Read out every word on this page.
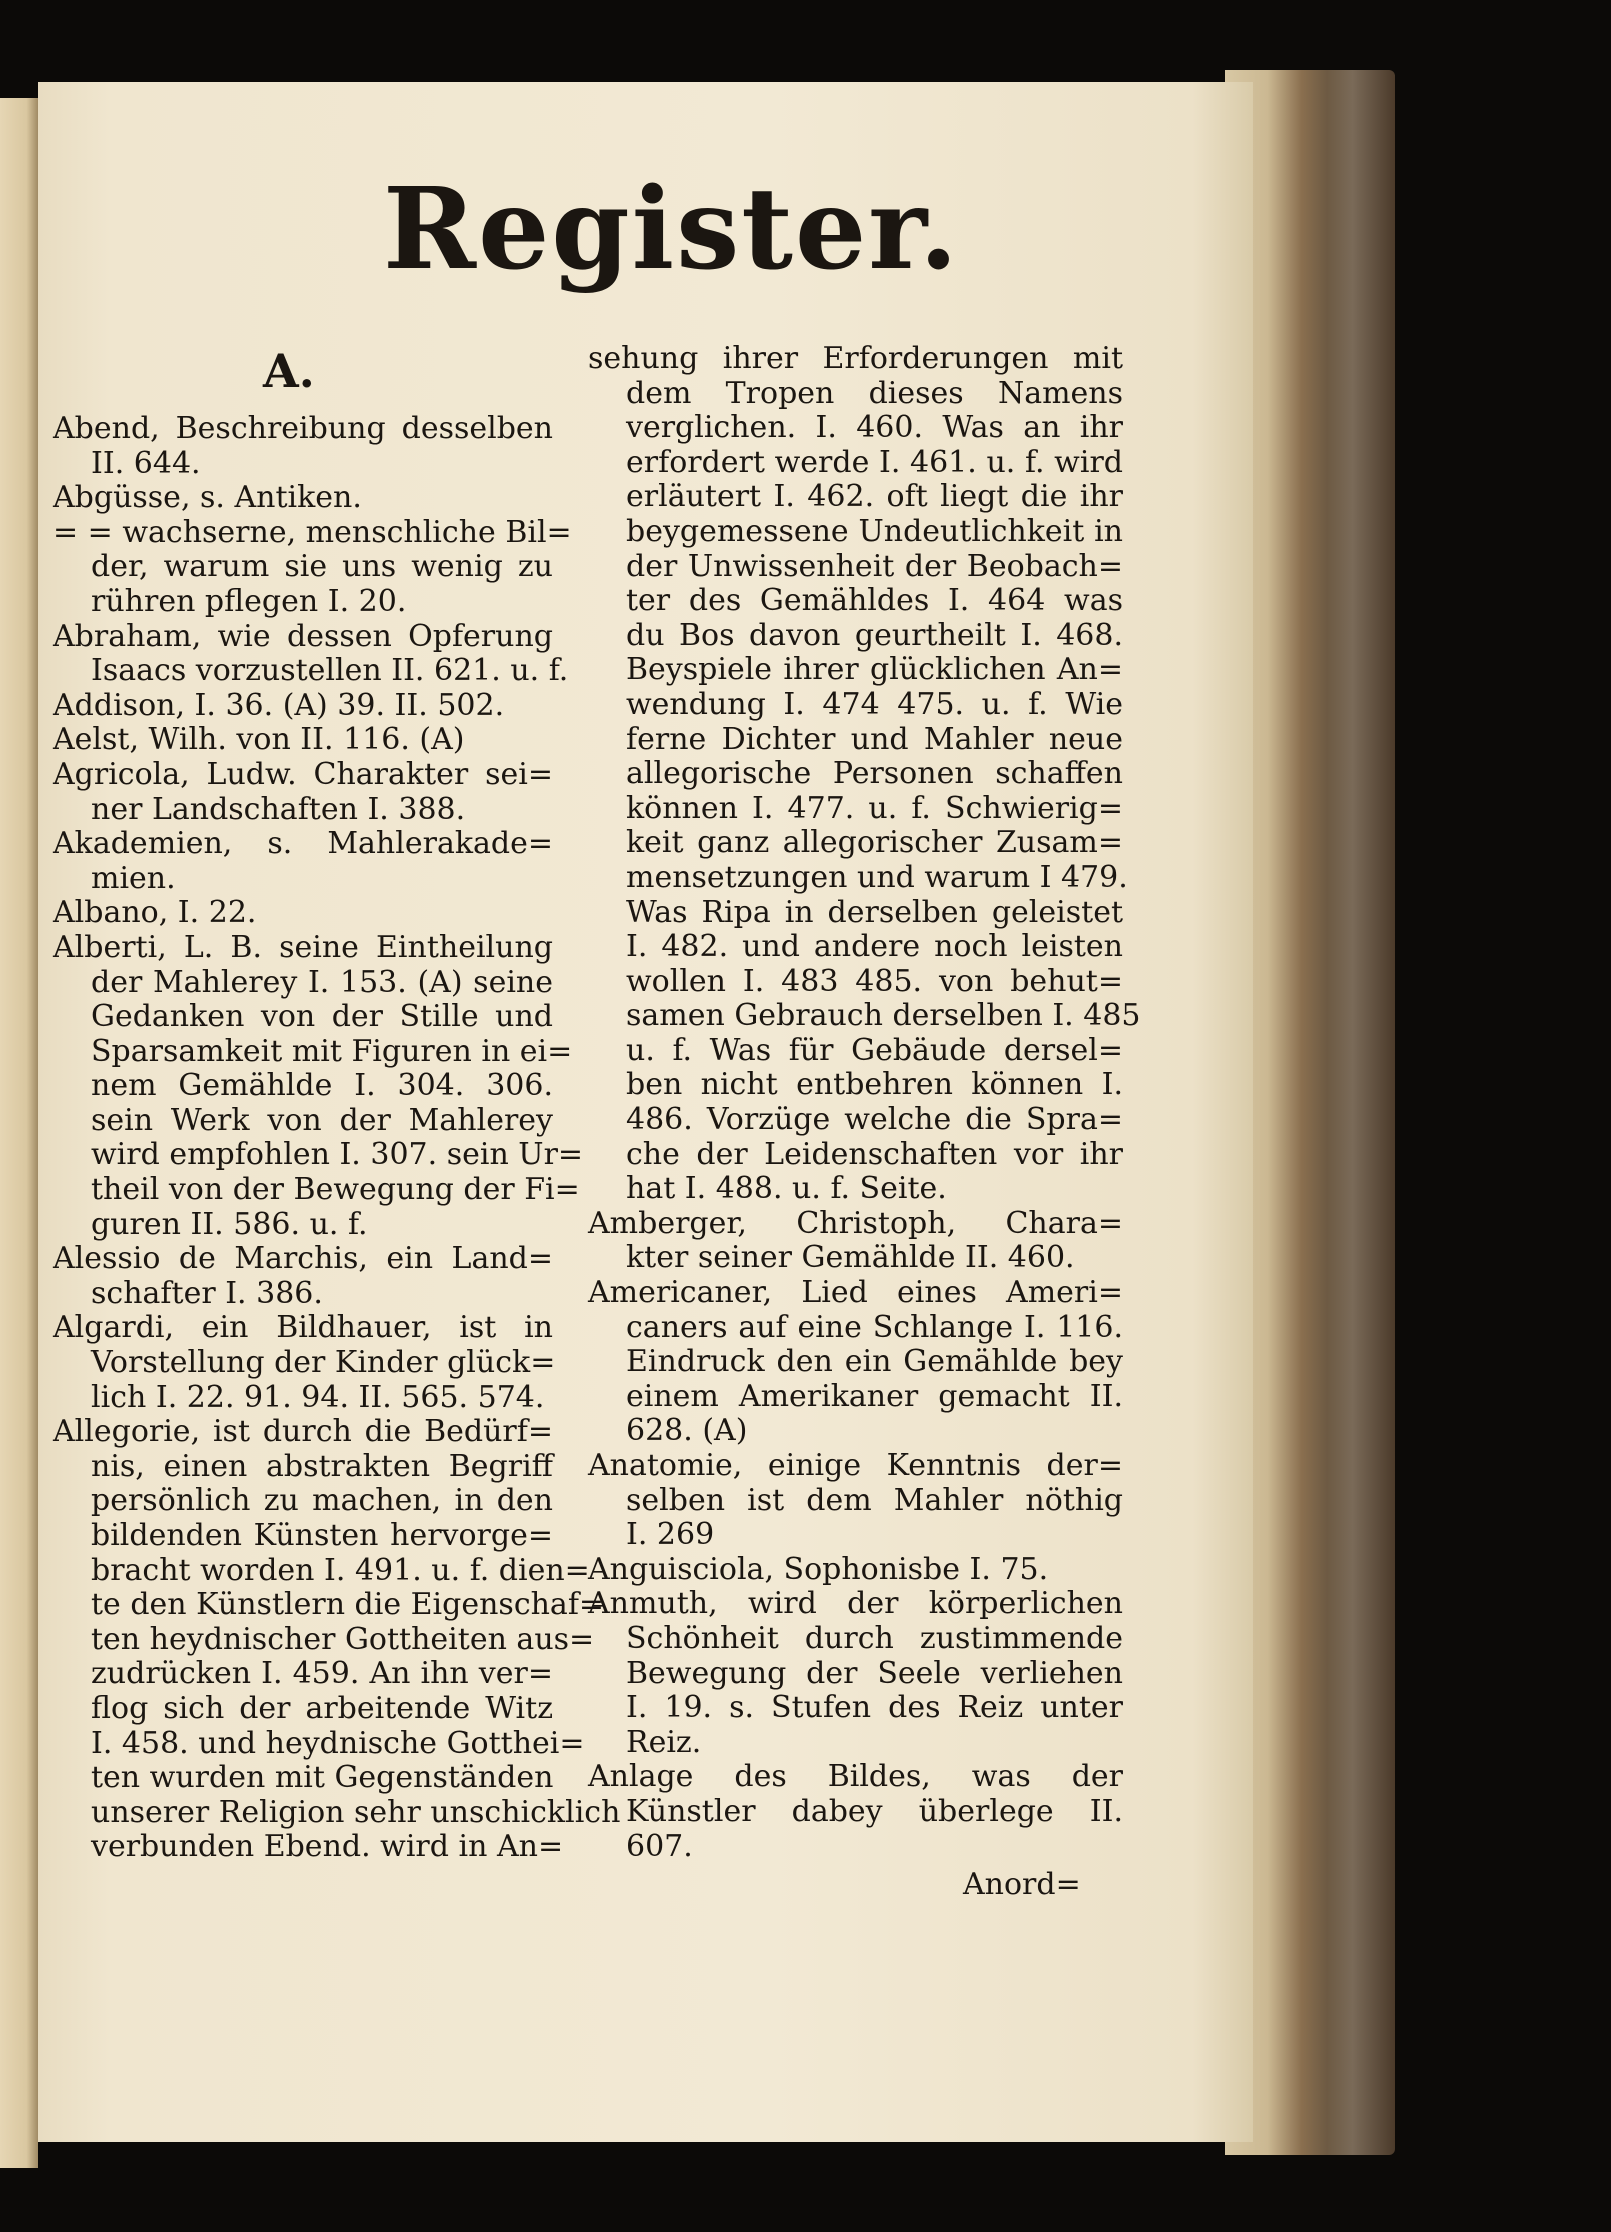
Register.
A.
Abend, Beschreibung desselben
II. 644.
Abgüsse, s. Antiken.
= = wachserne, menschliche Bil=
der, warum sie uns wenig zu
rühren pflegen I. 20.
Abraham, wie dessen Opferung
Isaacs vorzustellen II. 621. u. f.
Addison, I. 36. (A) 39. II. 502.
Aelst, Wilh. von II. 116. (A)
Agricola, Ludw. Charakter sei=
ner Landschaften I. 388.
Akademien, s. Mahlerakade=
mien.
Albano, I. 22.
Alberti, L. B. seine Eintheilung
der Mahlerey I. 153. (A) seine
Gedanken von der Stille und
Sparsamkeit mit Figuren in ei=
nem Gemählde I. 304. 306.
sein Werk von der Mahlerey
wird empfohlen I. 307. sein Ur=
theil von der Bewegung der Fi=
guren II. 586. u. f.
Alessio de Marchis, ein Land=
schafter I. 386.
Algardi, ein Bildhauer, ist in
Vorstellung der Kinder glück=
lich I. 22. 91. 94. II. 565. 574.
Allegorie, ist durch die Bedürf=
nis, einen abstrakten Begriff
persönlich zu machen, in den
bildenden Künsten hervorge=
bracht worden I. 491. u. f. dien=
te den Künstlern die Eigenschaf=
ten heydnischer Gottheiten aus=
zudrücken I. 459. An ihn ver=
flog sich der arbeitende Witz
I. 458. und heydnische Gotthei=
ten wurden mit Gegenständen
unserer Religion sehr unschicklich
verbunden Ebend. wird in An=
sehung ihrer Erforderungen mit
dem Tropen dieses Namens
verglichen. I. 460. Was an ihr
erfordert werde I. 461. u. f. wird
erläutert I. 462. oft liegt die ihr
beygemessene Undeutlichkeit in
der Unwissenheit der Beobach=
ter des Gemähldes I. 464 was
du Bos davon geurtheilt I. 468.
Beyspiele ihrer glücklichen An=
wendung I. 474 475. u. f. Wie
ferne Dichter und Mahler neue
allegorische Personen schaffen
können I. 477. u. f. Schwierig=
keit ganz allegorischer Zusam=
mensetzungen und warum I 479.
Was Ripa in derselben geleistet
I. 482. und andere noch leisten
wollen I. 483 485. von behut=
samen Gebrauch derselben I. 485
u. f. Was für Gebäude dersel=
ben nicht entbehren können I.
486. Vorzüge welche die Spra=
che der Leidenschaften vor ihr
hat I. 488. u. f. Seite.
Amberger, Christoph, Chara=
kter seiner Gemählde II. 460.
Americaner, Lied eines Ameri=
caners auf eine Schlange I. 116.
Eindruck den ein Gemählde bey
einem Amerikaner gemacht II.
628. (A)
Anatomie, einige Kenntnis der=
selben ist dem Mahler nöthig
I. 269
Anguisciola, Sophonisbe I. 75.
Anmuth, wird der körperlichen
Schönheit durch zustimmende
Bewegung der Seele verliehen
I. 19. s. Stufen des Reiz unter
Reiz.
Anlage des Bildes, was der
Künstler dabey überlege II.
607.
Anord=
